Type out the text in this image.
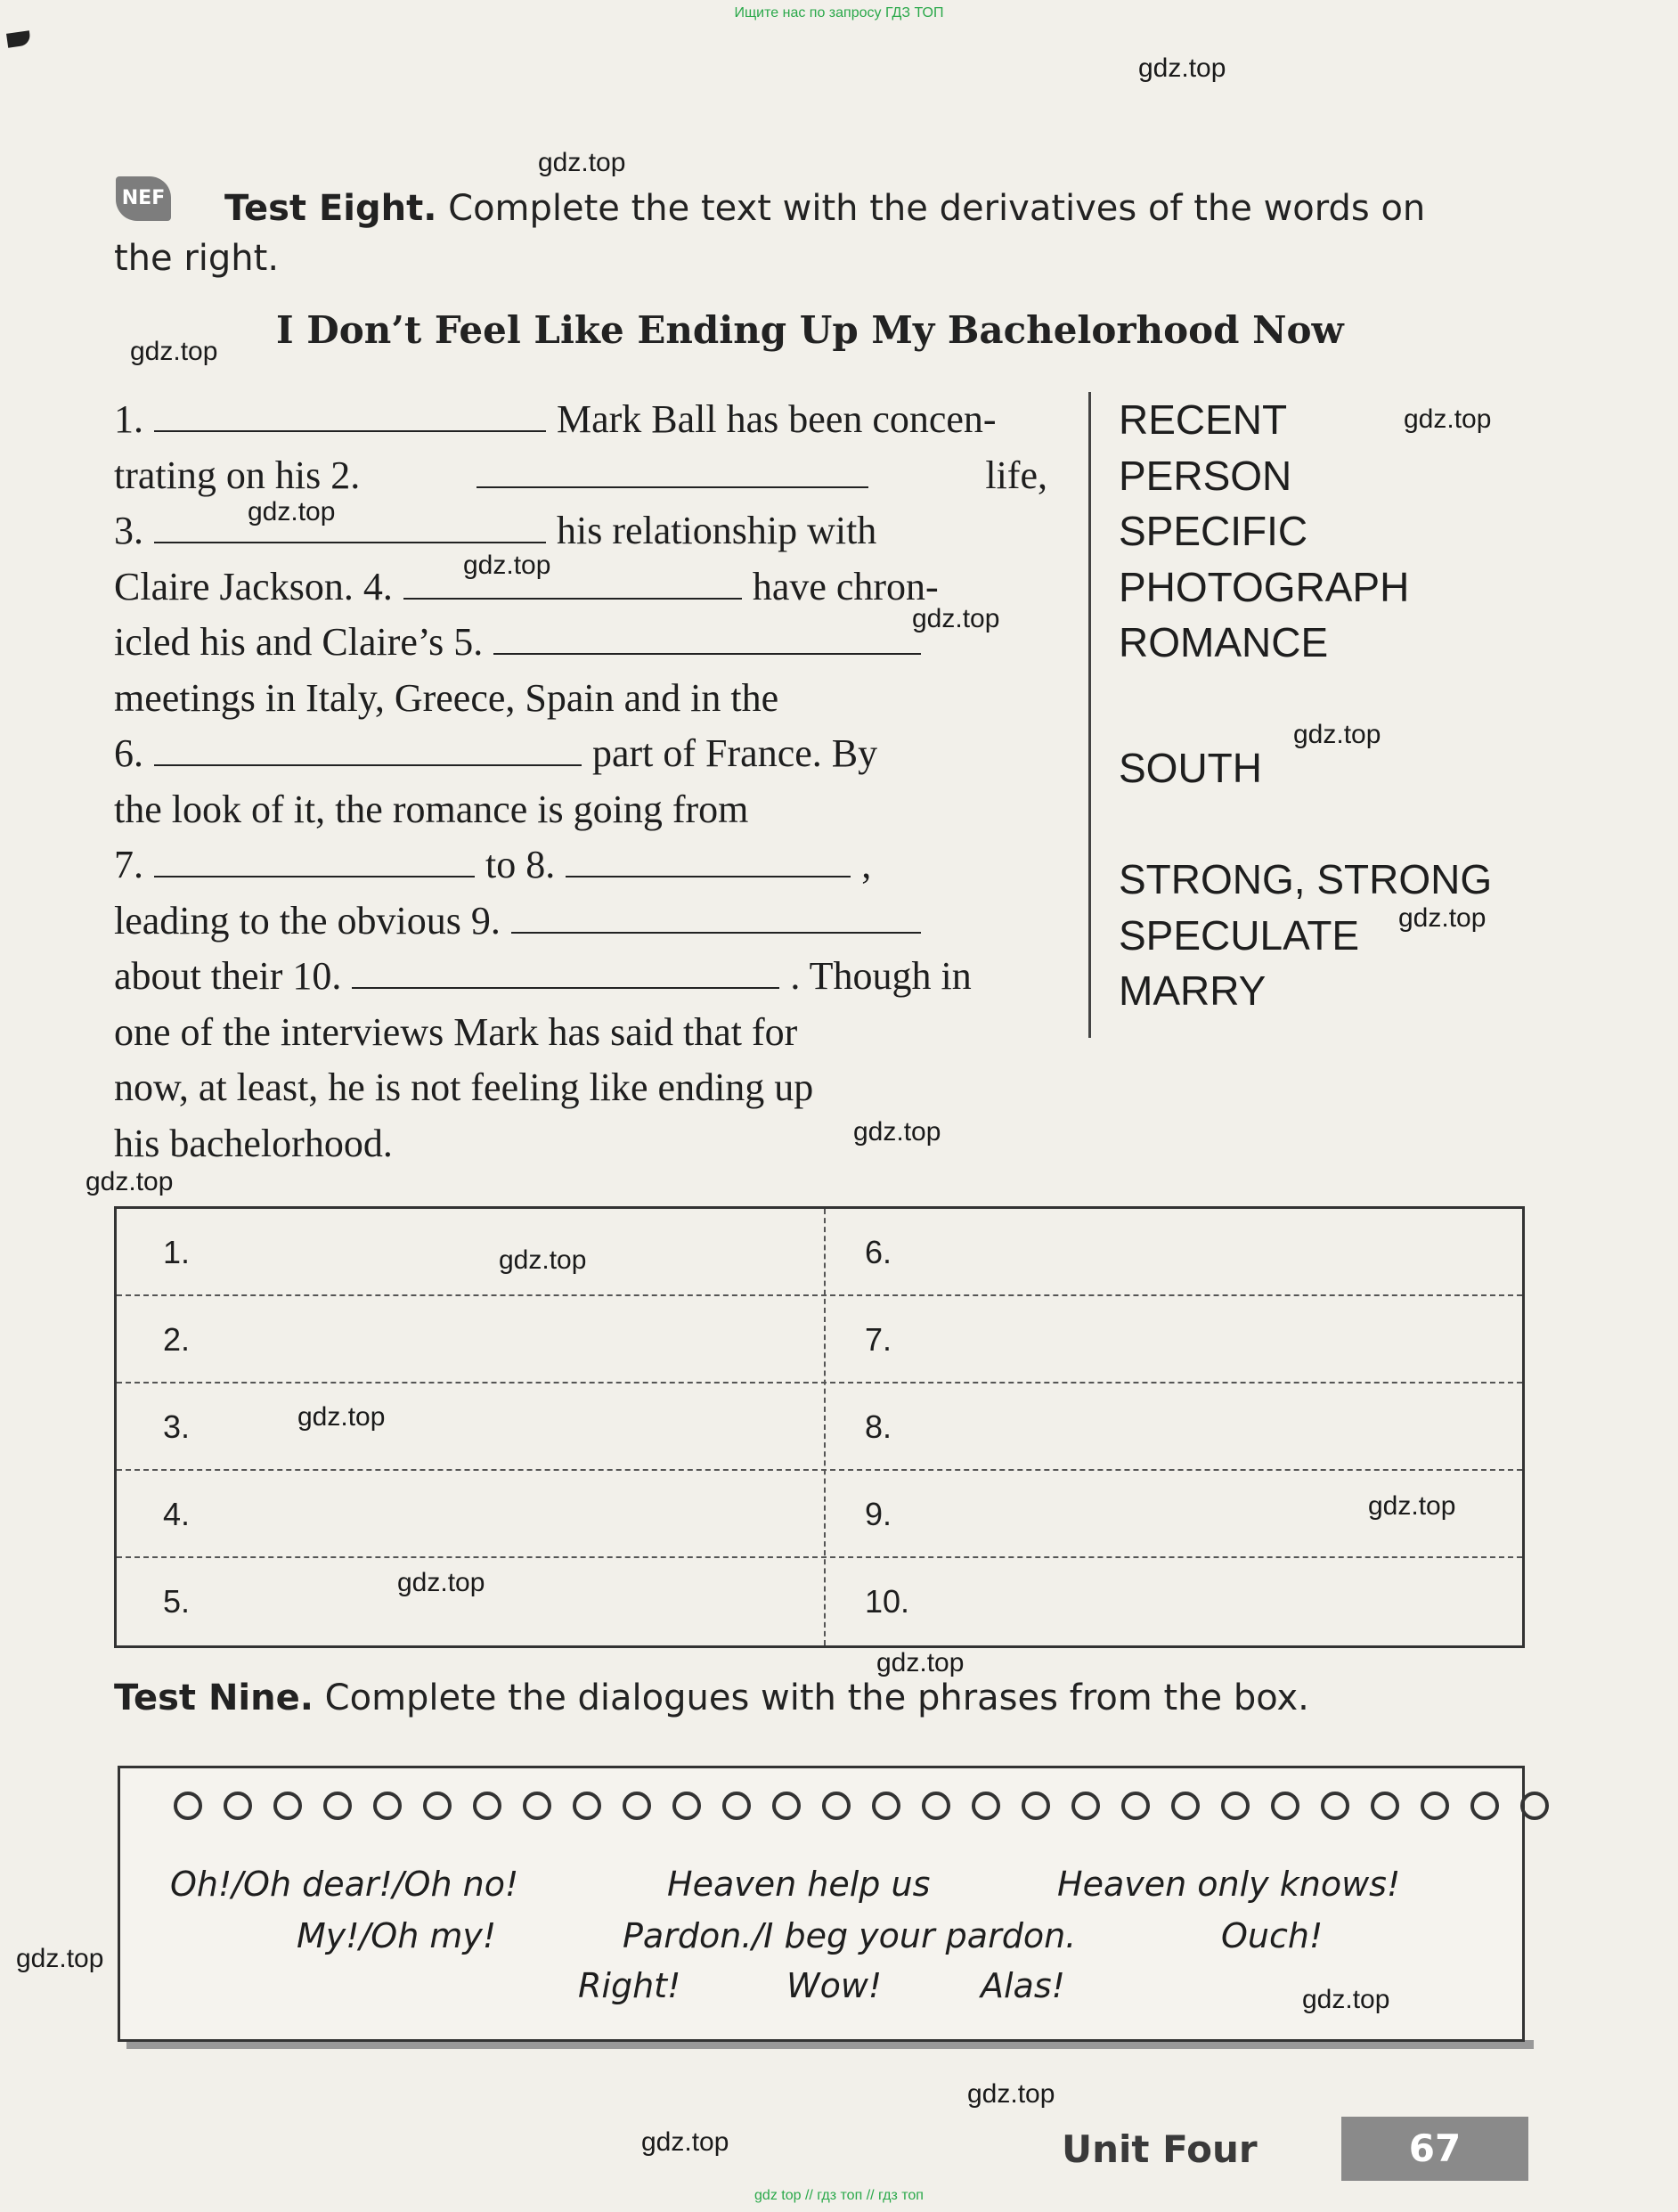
Ищите нас по запросу ГДЗ ТОП
NEF Test Eight. Complete the text with the derivatives of the words on
the right.
I Don’t Feel Like Ending Up My Bachelorhood Now
1.	Mark Ball has been concen-
trating on his 2.	life,
3.	his relationship with
Claire Jackson. 4.	have chron-
icled his and Claire’s 5.
meetings in Italy, Greece, Spain and in the
6.	part of France. By
the look of it, the romance is going from
7.	to 8.	,
leading to the obvious 9.
about their 10.	. Though in
one of the interviews Mark has said that for
now, at least, he is not feeling like ending up
his bachelorhood.
RECENT
PERSON
SPECIFIC
PHOTOGRAPH
ROMANCE
SOUTH
STRONG, STRONG
SPECULATE
MARRY
1.	6.
2.	7.
3.	8.
4.	9.
5.	10.
Test Nine. Complete the dialogues with the phrases from the box.
Oh!/Oh dear!/Oh no!	Heaven help us	Heaven only knows!
My!/Oh my!	Pardon./I beg your pardon.	Ouch!
Right!	Wow!	Alas!
Unit Four	67
gdz.top
gdz.top
gdz.top
gdz.top
gdz.top
gdz.top
gdz.top
gdz.top
gdz.top
gdz.top
gdz.top
gdz.top
gdz.top
gdz.top
gdz.top
gdz.top
gdz.top
gdz.top
gdz.top
gdz.top
gdz top // гдз топ // гдз топ
